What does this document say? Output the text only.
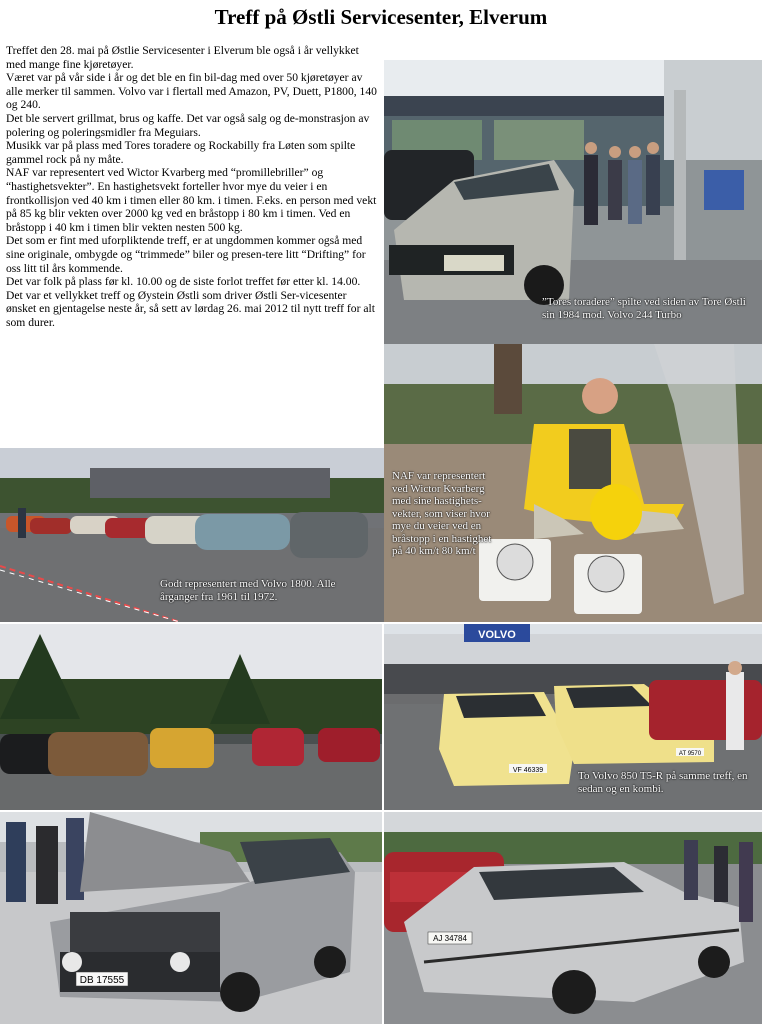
Treff på Østli Servicesenter, Elverum

Treffet den 28. mai på Østlie Servicesenter i Elverum ble også i år vellykket med mange fine kjøretøyer.

Været var på vår side i år og det ble en fin bil-dag med over 50 kjøretøyer av alle merker til sammen. Volvo var i flertall med Amazon, PV, Duett, P1800, 140 og 240.

Det ble servert grillmat, brus og kaffe. Det var også salg og de-monstrasjon av polering og poleringsmidler fra Meguiars.

Musikk var på plass med Tores toradere og Rockabilly fra Løten som spilte gammel rock på ny måte.

NAF var representert ved Wictor Kvarberg med “promillebriller” og “hastighetsvekter”. En hastighetsvekt forteller hvor mye du veier i en frontkollisjon ved 40 km i timen eller 80 km. i timen. F.eks. en person med vekt på 85 kg blir vekten over 2000 kg ved en bråstopp i 80 km i timen. Ved en bråstopp i 40 km i timen blir vekten nesten 500 kg.

Det som er fint med uforpliktende treff, er at ungdommen kommer også med sine originale, ombygde og “trimmede” biler og presen-tere litt “Drifting” for oss litt til års kommende.

Det var folk på plass før kl. 10.00 og de siste forlot treffet før etter kl. 14.00.

Det var et vellykket treff og Øystein Østli som driver Østli Ser-vicesenter ønsket en gjentagelse neste år, så sett av lørdag 26. mai 2012 til nytt treff for alt som durer.

”Tores toradere” spilte ved siden av Tore Østli sin 1984 mod. Volvo 244 Turbo
NAF var representert ved Wictor Kvarberg med sine hastighets-vekter, som viser hvor mye du veier ved en bråstopp i en hastighet på 40 km/t 80 km/t
Godt representert med Volvo 1800. Alle årganger fra 1961 til 1972.
VOLVO
VF 46339
AT 9570
To Volvo 850 T5-R på samme treff, en sedan og en kombi.
DB 17555
AJ 34784
